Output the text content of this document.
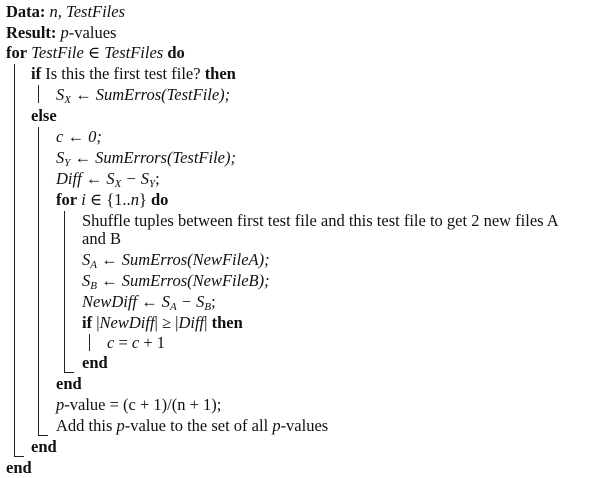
Data: n, TestFiles
Result: p-values
for TestFile ∈ TestFiles do
if Is this the first test file? then
$S_X$ ← SumErros(TestFile);
else
c ← 0;
$S_Y$ ← SumErrors(TestFile);
Diff ← $S_X - S_Y$;
for i ∈ {1..n} do
Shuffle tuples between first test file and this test file to get 2 new files A
and B
$S_A$ ← SumErros(NewFileA);
$S_B$ ← SumErros(NewFileB);
NewDiff ← $S_A - S_B$;
if |NewDiff| ≥ |Diff| then
c = c + 1
end
end
p-value = (c + 1)/(n + 1);
Add this p-value to the set of all p-values
end
end
